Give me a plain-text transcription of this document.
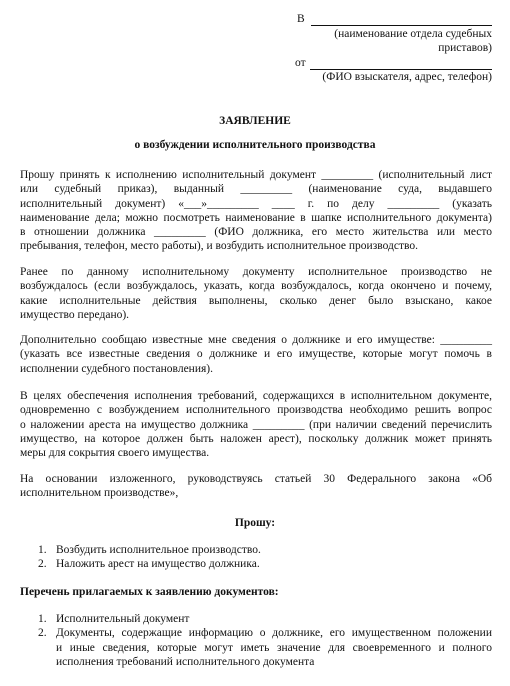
В
(наименование отдела судебных
приставов)
от
(ФИО взыскателя, адрес, телефон)
ЗАЯВЛЕНИЕ
о возбуждении исполнительного производства
Прошу принять к исполнению исполнительный документ _________ (исполнительный лист
или судебный приказ), выданный _________ (наименование суда, выдавшего
исполнительный документ) «___»_________ ____ г. по делу _________ (указать
наименование дела; можно посмотреть наименование в шапке исполнительного документа)
в отношении должника _________ (ФИО должника, его место жительства или место
пребывания, телефон, место работы), и возбудить исполнительное производство.
Ранее по данному исполнительному документу исполнительное производство не
возбуждалось (если возбуждалось, указать, когда возбуждалось, когда окончено и почему,
какие исполнительные действия выполнены, сколько денег было взыскано, какое
имущество передано).
Дополнительно сообщаю известные мне сведения о должнике и его имуществе: _________
(указать все известные сведения о должнике и его имуществе, которые могут помочь в
исполнении судебного постановления).
В целях обеспечения исполнения требований, содержащихся в исполнительном документе,
одновременно с возбуждением исполнительного производства необходимо решить вопрос
о наложении ареста на имущество должника _________ (при наличии сведений перечислить
имущество, на которое должен быть наложен арест), поскольку должник может принять
меры для сокрытия своего имущества.
На основании изложенного, руководствуясь статьей 30 Федерального закона «Об
исполнительном производстве»,
Прошу:
1. Возбудить исполнительное производство.
2. Наложить арест на имущество должника.
Перечень прилагаемых к заявлению документов:
1. Исполнительный документ
2. Документы, содержащие информацию о должнике, его имущественном положении
и иные сведения, которые могут иметь значение для своевременного и полного
исполнения требований исполнительного документа
